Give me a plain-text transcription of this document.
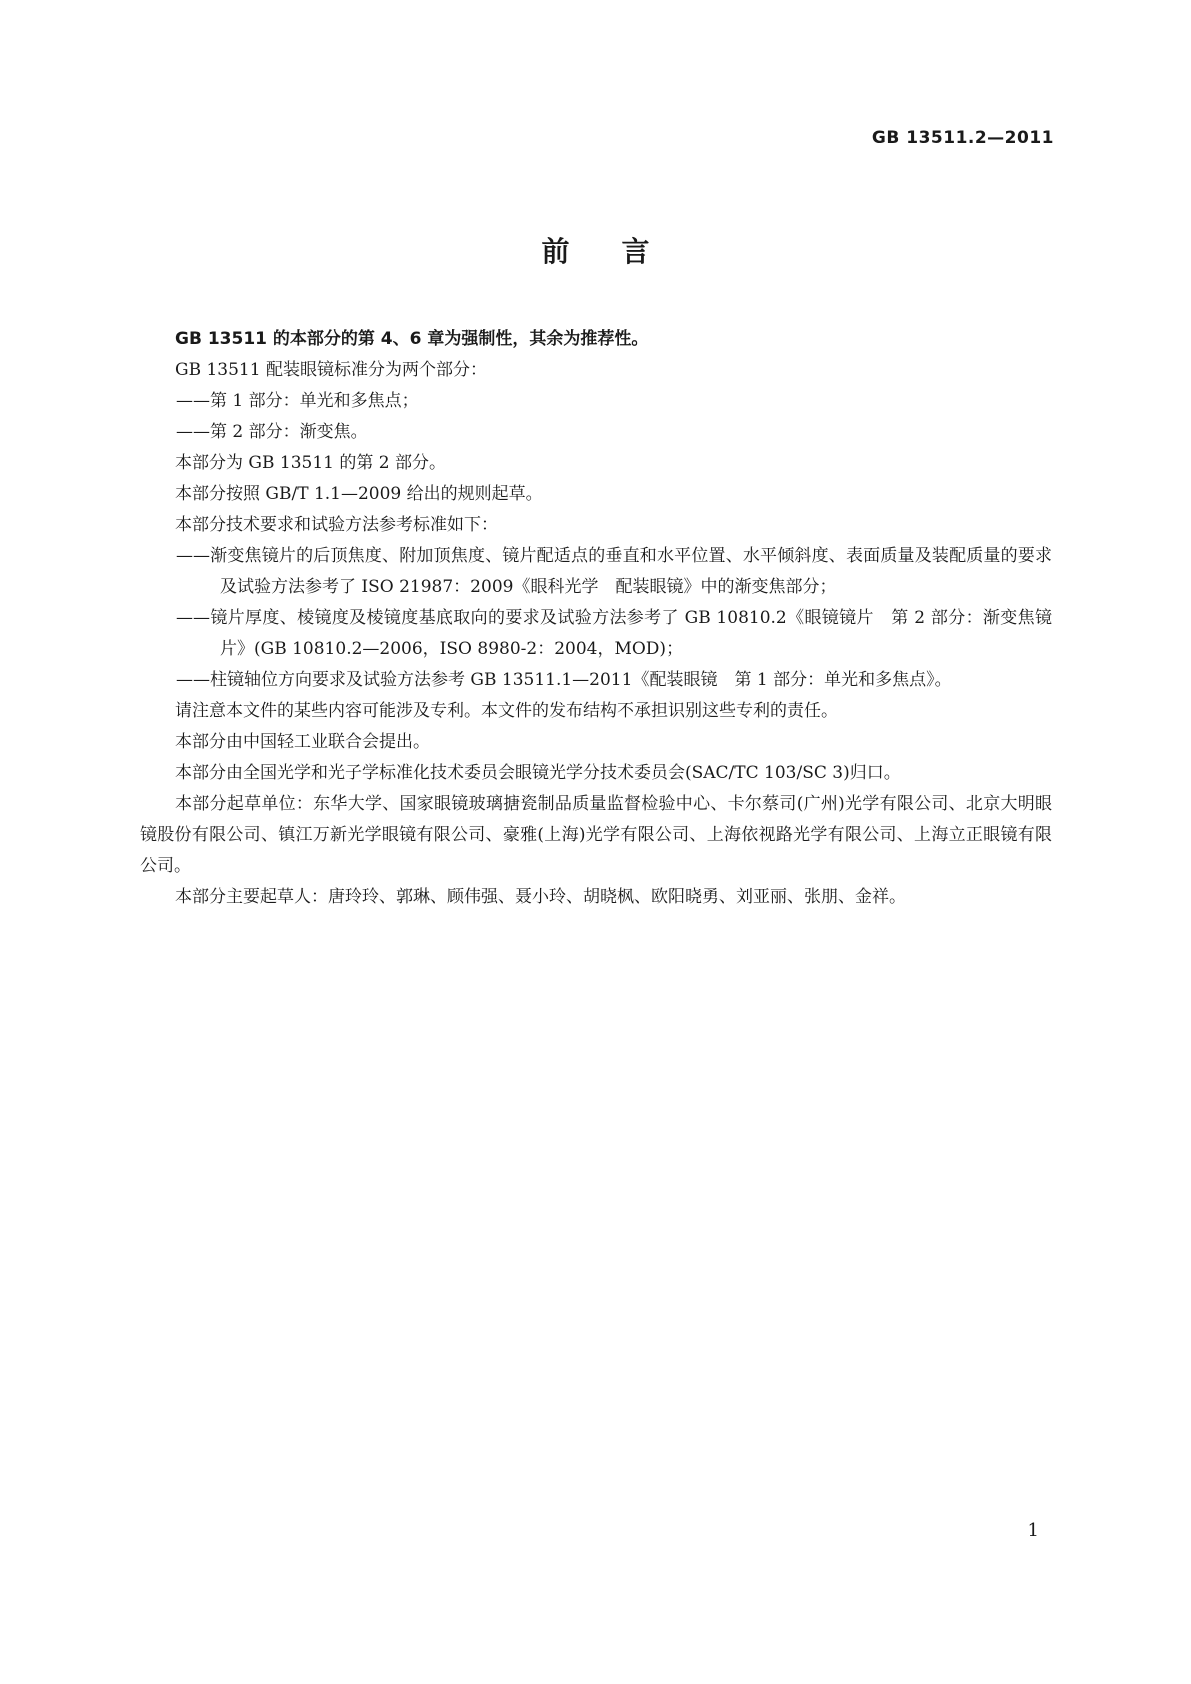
GB 13511.2—2011
前言

GB 13511 的本部分的第 4、6 章为强制性，其余为推荐性。

GB 13511 配装眼镜标准分为两个部分：

——第 1 部分：单光和多焦点；

——第 2 部分：渐变焦。

本部分为 GB 13511 的第 2 部分。

本部分按照 GB/T 1.1—2009 给出的规则起草。

本部分技术要求和试验方法参考标准如下：

——渐变焦镜片的后顶焦度、附加顶焦度、镜片配适点的垂直和水平位置、水平倾斜度、表面质量及装配质量的要求及试验方法参考了 ISO 21987：2009《眼科光学　配装眼镜》中的渐变焦部分；

——镜片厚度、棱镜度及棱镜度基底取向的要求及试验方法参考了 GB 10810.2《眼镜镜片　第 2 部分：渐变焦镜片》(GB 10810.2—2006，ISO 8980-2：2004，MOD)；

——柱镜轴位方向要求及试验方法参考 GB 13511.1—2011《配装眼镜　第 1 部分：单光和多焦点》。

请注意本文件的某些内容可能涉及专利。本文件的发布结构不承担识别这些专利的责任。

本部分由中国轻工业联合会提出。

本部分由全国光学和光子学标准化技术委员会眼镜光学分技术委员会(SAC/TC 103/SC 3)归口。

本部分起草单位：东华大学、国家眼镜玻璃搪瓷制品质量监督检验中心、卡尔蔡司(广州)光学有限公司、北京大明眼镜股份有限公司、镇江万新光学眼镜有限公司、豪雅(上海)光学有限公司、上海依视路光学有限公司、上海立正眼镜有限公司。

本部分主要起草人：唐玲玲、郭琳、顾伟强、聂小玲、胡晓枫、欧阳晓勇、刘亚丽、张朋、金祥。

1
